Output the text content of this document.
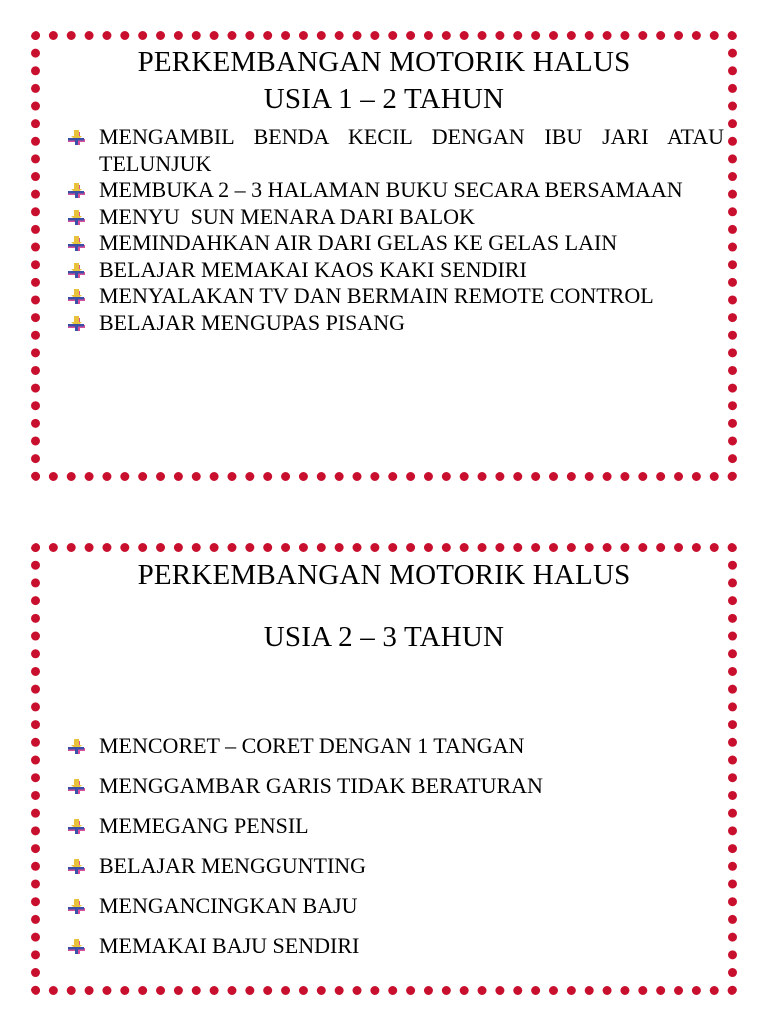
PERKEMBANGAN MOTORIK HALUS
USIA 1 – 2 TAHUN
MENGAMBIL BENDA KECIL DENGAN IBU JARI ATAU TELUNJUK
MEMBUKA 2 – 3 HALAMAN BUKU SECARA BERSAMAAN
MENYU  SUN MENARA DARI BALOK
MEMINDAHKAN AIR DARI GELAS KE GELAS LAIN
BELAJAR MEMAKAI KAOS KAKI SENDIRI
MENYALAKAN TV DAN BERMAIN REMOTE CONTROL
BELAJAR MENGUPAS PISANG
PERKEMBANGAN MOTORIK HALUS
USIA 2 – 3 TAHUN
MENCORET – CORET DENGAN 1 TANGAN
MENGGAMBAR GARIS TIDAK BERATURAN
MEMEGANG PENSIL
BELAJAR MENGGUNTING
MENGANCINGKAN BAJU
MEMAKAI BAJU SENDIRI
